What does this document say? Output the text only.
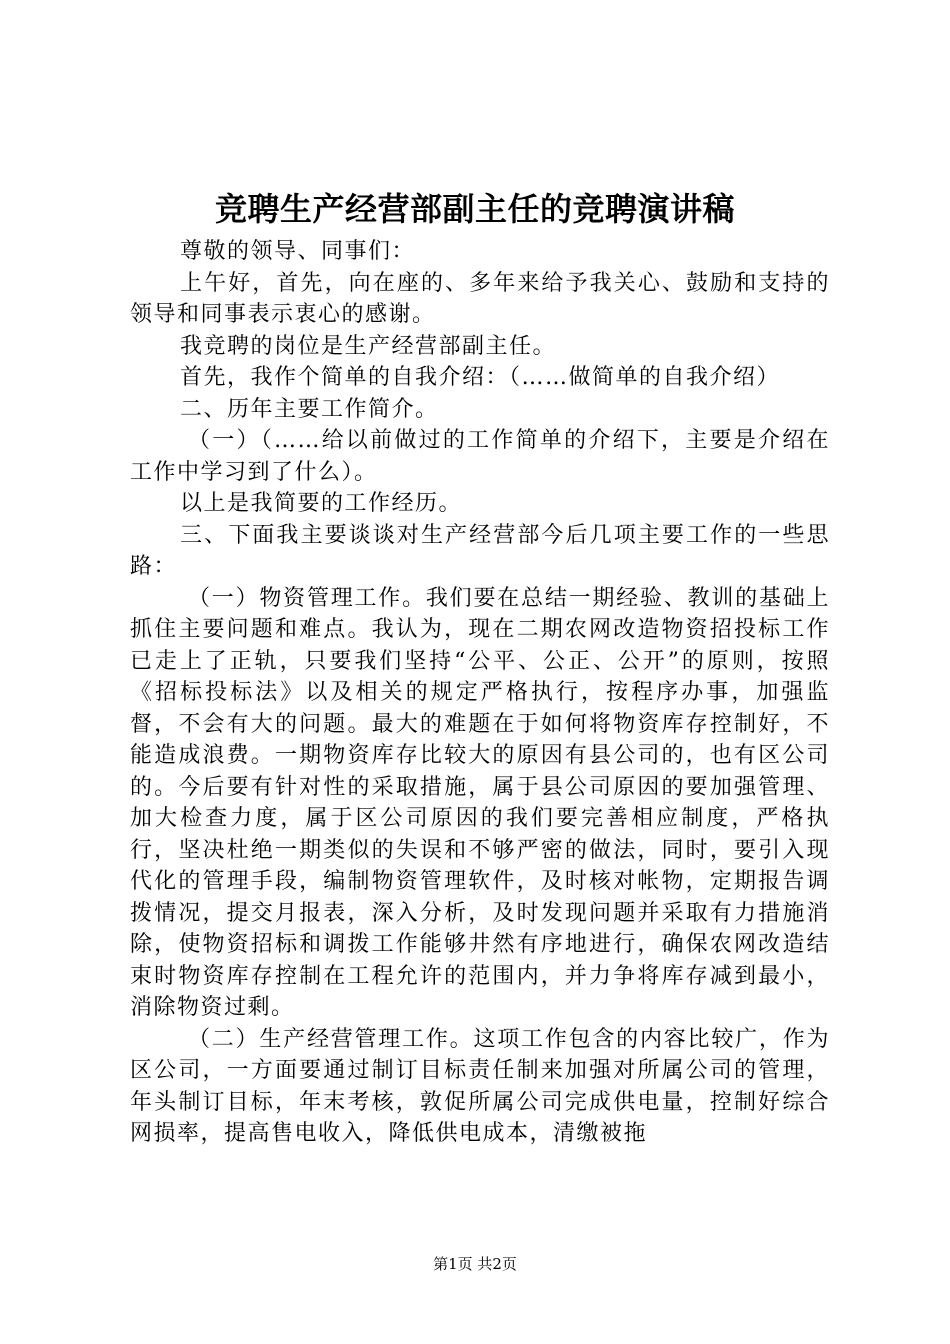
竞聘生产经营部副主任的竞聘演讲稿

尊敬的领导、同事们：

上午好，首先，向在座的、多年来给予我关心、鼓励和支持的领导和同事表示衷心的感谢。

我竞聘的岗位是生产经营部副主任。

首先，我作个简单的自我介绍：（……做简单的自我介绍）

二、历年主要工作简介。

（一）（……给以前做过的工作简单的介绍下，主要是介绍在工作中学习到了什么）。

以上是我简要的工作经历。

三、下面我主要谈谈对生产经营部今后几项主要工作的一些思路：

（一）物资管理工作。我们要在总结一期经验、教训的基础上抓住主要问题和难点。我认为，现在二期农网改造物资招投标工作已走上了正轨，只要我们坚持“公平、公正、公开”的原则，按照《招标投标法》以及相关的规定严格执行，按程序办事，加强监督，不会有大的问题。最大的难题在于如何将物资库存控制好，不能造成浪费。一期物资库存比较大的原因有县公司的，也有区公司的。今后要有针对性的采取措施，属于县公司原因的要加强管理、加大检查力度，属于区公司原因的我们要完善相应制度，严格执行，坚决杜绝一期类似的失误和不够严密的做法，同时，要引入现代化的管理手段，编制物资管理软件，及时核对帐物，定期报告调拨情况，提交月报表，深入分析，及时发现问题并采取有力措施消除，使物资招标和调拨工作能够井然有序地进行，确保农网改造结束时物资库存控制在工程允许的范围内，并力争将库存减到最小，消除物资过剩。

（二）生产经营管理工作。这项工作包含的内容比较广，作为区公司，一方面要通过制订目标责任制来加强对所属公司的管理，年头制订目标，年末考核，敦促所属公司完成供电量，控制好综合网损率，提高售电收入，降低供电成本，清缴被拖

第1页 共2页
